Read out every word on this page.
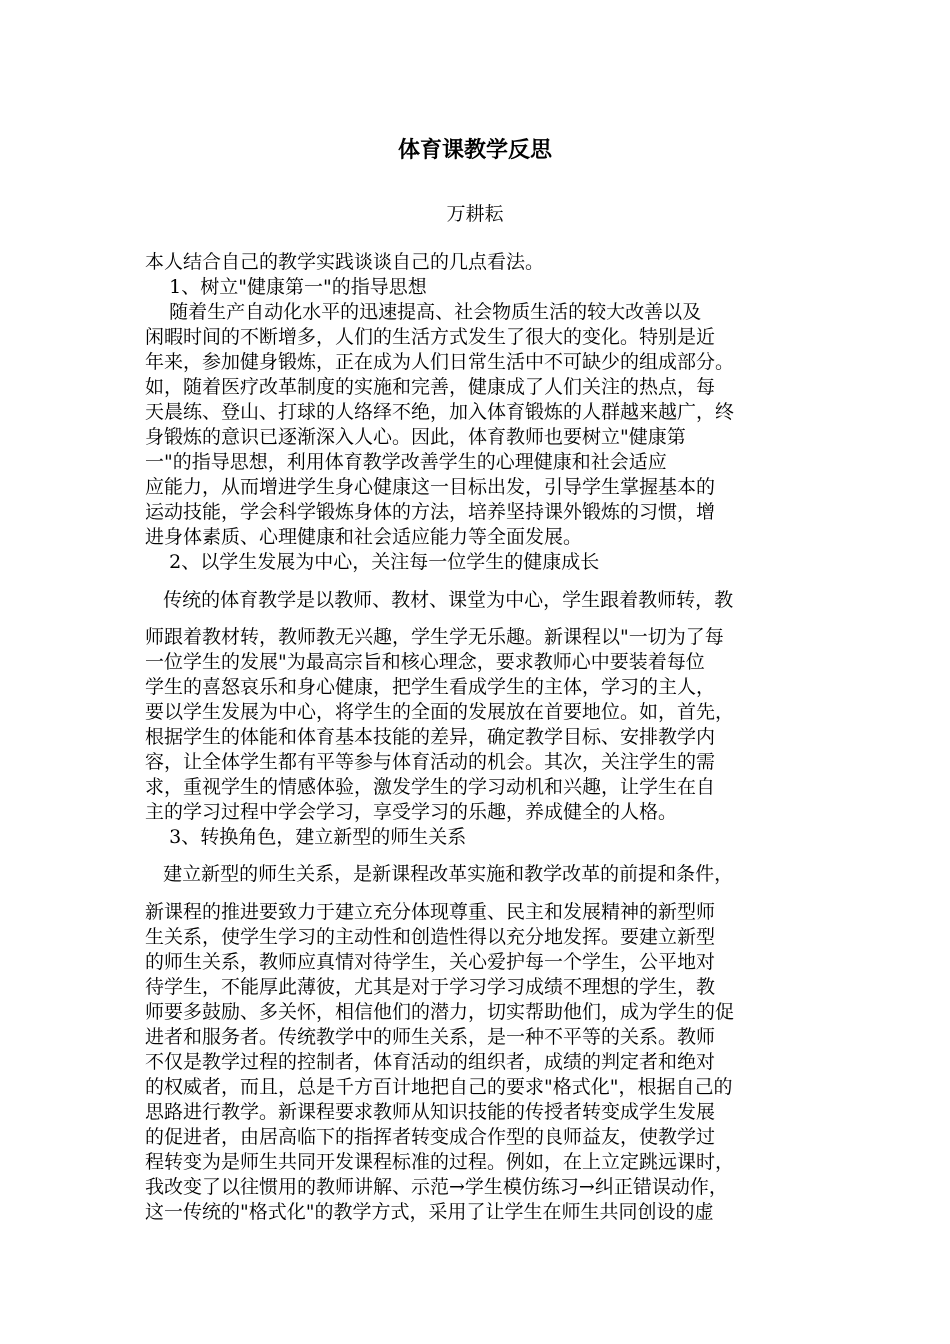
体育课教学反思
万耕耘
本人结合自己的教学实践谈谈自己的几点看法。
1、树立"健康第一"的指导思想
随着生产自动化水平的迅速提高、社会物质生活的较大改善以及
闲暇时间的不断增多，人们的生活方式发生了很大的变化。特别是近
年来，参加健身锻炼，正在成为人们日常生活中不可缺少的组成部分。
如，随着医疗改革制度的实施和完善，健康成了人们关注的热点，每
天晨练、登山、打球的人络绎不绝，加入体育锻炼的人群越来越广，终
身锻炼的意识已逐渐深入人心。因此，体育教师也要树立"健康第
一"的指导思想，利用体育教学改善学生的心理健康和社会适应
应能力，从而增进学生身心健康这一目标出发，引导学生掌握基本的
运动技能，学会科学锻炼身体的方法，培养坚持课外锻炼的习惯，增
进身体素质、心理健康和社会适应能力等全面发展。
2、以学生发展为中心，关注每一位学生的健康成长
传统的体育教学是以教师、教材、课堂为中心，学生跟着教师转，教
师跟着教材转，教师教无兴趣，学生学无乐趣。新课程以"一切为了每
一位学生的发展"为最高宗旨和核心理念，要求教师心中要装着每位
学生的喜怒哀乐和身心健康，把学生看成学生的主体，学习的主人，
要以学生发展为中心，将学生的全面的发展放在首要地位。如，首先，
根据学生的体能和体育基本技能的差异，确定教学目标、安排教学内
容，让全体学生都有平等参与体育活动的机会。其次，关注学生的需
求，重视学生的情感体验，激发学生的学习动机和兴趣，让学生在自
主的学习过程中学会学习，享受学习的乐趣，养成健全的人格。
3、转换角色，建立新型的师生关系
建立新型的师生关系，是新课程改革实施和教学改革的前提和条件，
新课程的推进要致力于建立充分体现尊重、民主和发展精神的新型师
生关系，使学生学习的主动性和创造性得以充分地发挥。要建立新型
的师生关系，教师应真情对待学生，关心爱护每一个学生，公平地对
待学生，不能厚此薄彼，尤其是对于学习学习成绩不理想的学生，教
师要多鼓励、多关怀，相信他们的潜力，切实帮助他们，成为学生的促
进者和服务者。传统教学中的师生关系，是一种不平等的关系。教师
不仅是教学过程的控制者，体育活动的组织者，成绩的判定者和绝对
的权威者，而且，总是千方百计地把自己的要求"格式化"，根据自己的
思路进行教学。新课程要求教师从知识技能的传授者转变成学生发展
的促进者，由居高临下的指挥者转变成合作型的良师益友，使教学过
程转变为是师生共同开发课程标准的过程。例如，在上立定跳远课时，
我改变了以往惯用的教师讲解、示范→学生模仿练习→纠正错误动作，
这一传统的"格式化"的教学方式，采用了让学生在师生共同创设的虚
